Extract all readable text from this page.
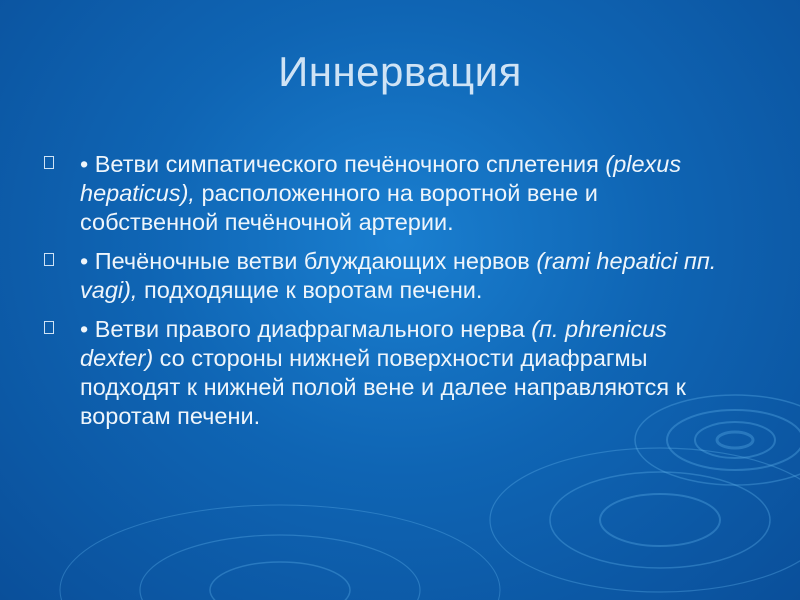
Иннервация
• Ветви симпатического печёночного сплетения (plexus hepaticus), расположенного на воротной вене и собственной печёночной артерии.
• Печёночные ветви блуждающих нервов (rami hepatici пп. vagi), подходящие к воротам печени.
• Ветви правого диафрагмального нерва (п. phrenicus dexter) со стороны нижней поверхности диафрагмы подходят к нижней полой вене и далее направляются к воротам печени.
